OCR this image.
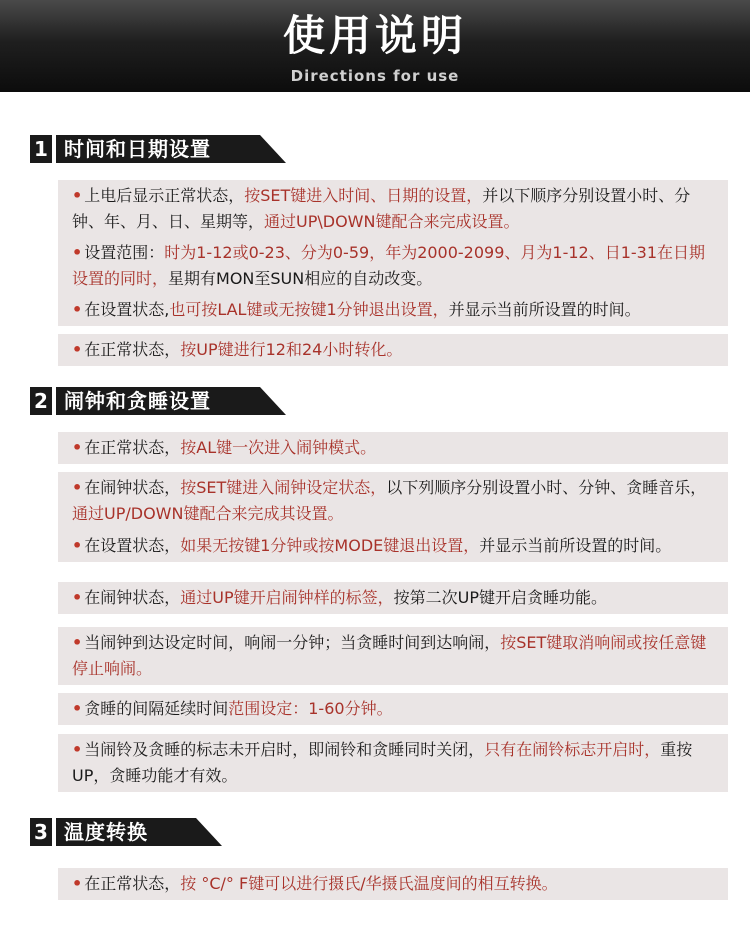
使用说明
Directions for use
1 时间和日期设置
• 上电后显示正常状态，按SET键进入时间、日期的设置，并以下顺序分别设置小时、分钟、年、月、日、星期等，通过UP\DOWN键配合来完成设置。
• 设置范围：时为1-12或0-23、分为0-59，年为2000-2099、月为1-12、日1-31在日期设置的同时，星期有MON至SUN相应的自动改变。
• 在设置状态,也可按LAL键或无按键1分钟退出设置，并显示当前所设置的时间。
• 在正常状态，按UP键进行12和24小时转化。
2 闹钟和贪睡设置
• 在正常状态，按AL键一次进入闹钟模式。
• 在闹钟状态，按SET键进入闹钟设定状态，以下列顺序分别设置小时、分钟、贪睡音乐，通过UP/DOWN键配合来完成其设置。
• 在设置状态，如果无按键1分钟或按MODE键退出设置，并显示当前所设置的时间。
• 在闹钟状态，通过UP键开启闹钟样的标签，按第二次UP键开启贪睡功能。
• 当闹钟到达设定时间，响闹一分钟；当贪睡时间到达响闹，按SET键取消响闹或按任意键停止响闹。
• 贪睡的间隔延续时间范围设定：1-60分钟。
• 当闹铃及贪睡的标志未开启时，即闹铃和贪睡同时关闭，只有在闹铃标志开启时，重按UP，贪睡功能才有效。
3 温度转换
• 在正常状态，按 °C/° F键可以进行摄氏/华摄氏温度间的相互转换。
